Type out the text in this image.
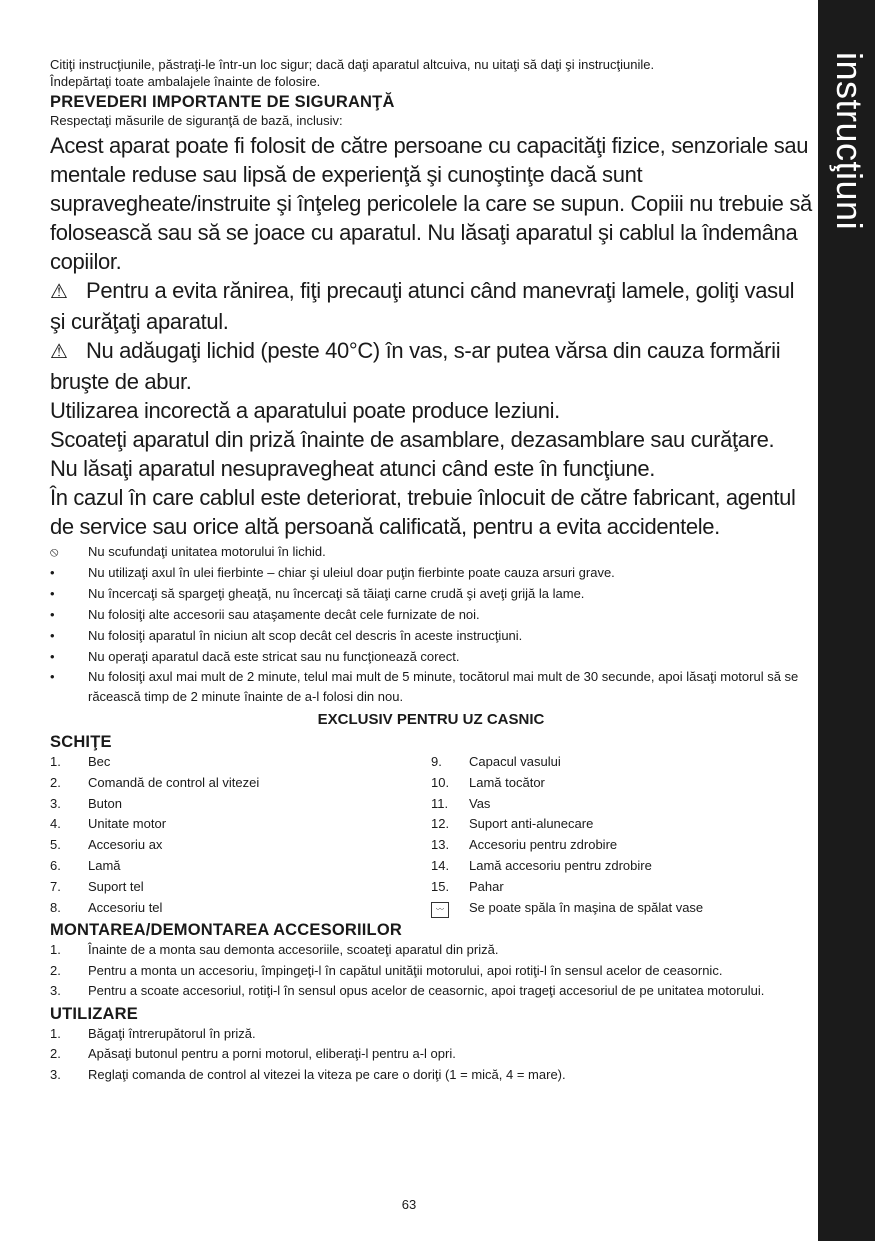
instrucţiuni

Citiţi instrucţiunile, păstraţi-le într-un loc sigur; dacă daţi aparatul altcuiva, nu uitaţi să daţi şi instrucţiunile.

Îndepărtaţi toate ambalajele înainte de folosire.

PREVEDERI IMPORTANTE DE SIGURANŢĂ

Respectaţi măsurile de siguranţă de bază, inclusiv:

Acest aparat poate fi folosit de către persoane cu capacităţi fizice, senzoriale sau mentale reduse sau lipsă de experienţă şi cunoştinţe dacă sunt supravegheate/instruite şi înţeleg pericolele la care se supun. Copiii nu trebuie să folosească sau să se joace cu aparatul. Nu lăsaţi aparatul şi cablul la îndemâna copiilor.

⚠ Pentru a evita rănirea, fiţi precauţi atunci când manevraţi lamele, goliţi vasul şi curăţaţi aparatul.

⚠ Nu adăugaţi lichid (peste 40°C) în vas, s-ar putea vărsa din cauza formării bruşte de abur.

Utilizarea incorectă a aparatului poate produce leziuni.

Scoateţi aparatul din priză înainte de asamblare, dezasamblare sau curăţare.

Nu lăsaţi aparatul nesupravegheat atunci când este în funcţiune.

În cazul în care cablul este deteriorat, trebuie înlocuit de către fabricant, agentul de service sau orice altă persoană calificată, pentru a evita accidentele.

⦸	Nu scufundaţi unitatea motorului în lichid.
•	Nu utilizaţi axul în ulei fierbinte – chiar şi uleiul doar puţin fierbinte poate cauza arsuri grave.
•	Nu încercaţi să spargeţi gheaţă, nu încercaţi să tăiaţi carne crudă şi aveţi grijă la lame.
•	Nu folosiţi alte accesorii sau ataşamente decât cele furnizate de noi.
•	Nu folosiţi aparatul în niciun alt scop decât cel descris în aceste instrucţiuni.
•	Nu operaţi aparatul dacă este stricat sau nu funcţionează corect.
•	Nu folosiţi axul mai mult de 2 minute, telul mai mult de 5 minute, tocătorul mai mult de 30 secunde, apoi lăsaţi motorul să se răcească timp de 2 minute înainte de a-l folosi din nou.
EXCLUSIV PENTRU UZ CASNIC
SCHIŢE
1. Bec
2. Comandă de control al vitezei
3. Buton
4. Unitate motor
5. Accesoriu ax
6. Lamă
7. Suport tel
8. Accesoriu tel
9. Capacul vasului
10. Lamă tocător
11. Vas
12. Suport anti-alunecare
13. Accesoriu pentru zdrobire
14. Lamă accesoriu pentru zdrobire
15. Pahar
〰	Se poate spăla în maşina de spălat vase
MONTAREA/DEMONTAREA ACCESORIILOR
1. Înainte de a monta sau demonta accesoriile, scoateţi aparatul din priză.
2. Pentru a monta un accesoriu, împingeţi-l în capătul unităţii motorului, apoi rotiţi-l în sensul acelor de ceasornic.
3. Pentru a scoate accesoriul, rotiţi-l în sensul opus acelor de ceasornic, apoi trageţi accesoriul de pe unitatea motorului.
UTILIZARE
1. Băgaţi întrerupătorul în priză.
2. Apăsaţi butonul pentru a porni motorul, eliberaţi-l pentru a-l opri.
3. Reglaţi comanda de control al vitezei la viteza pe care o doriţi (1 = mică, 4 = mare).
63
